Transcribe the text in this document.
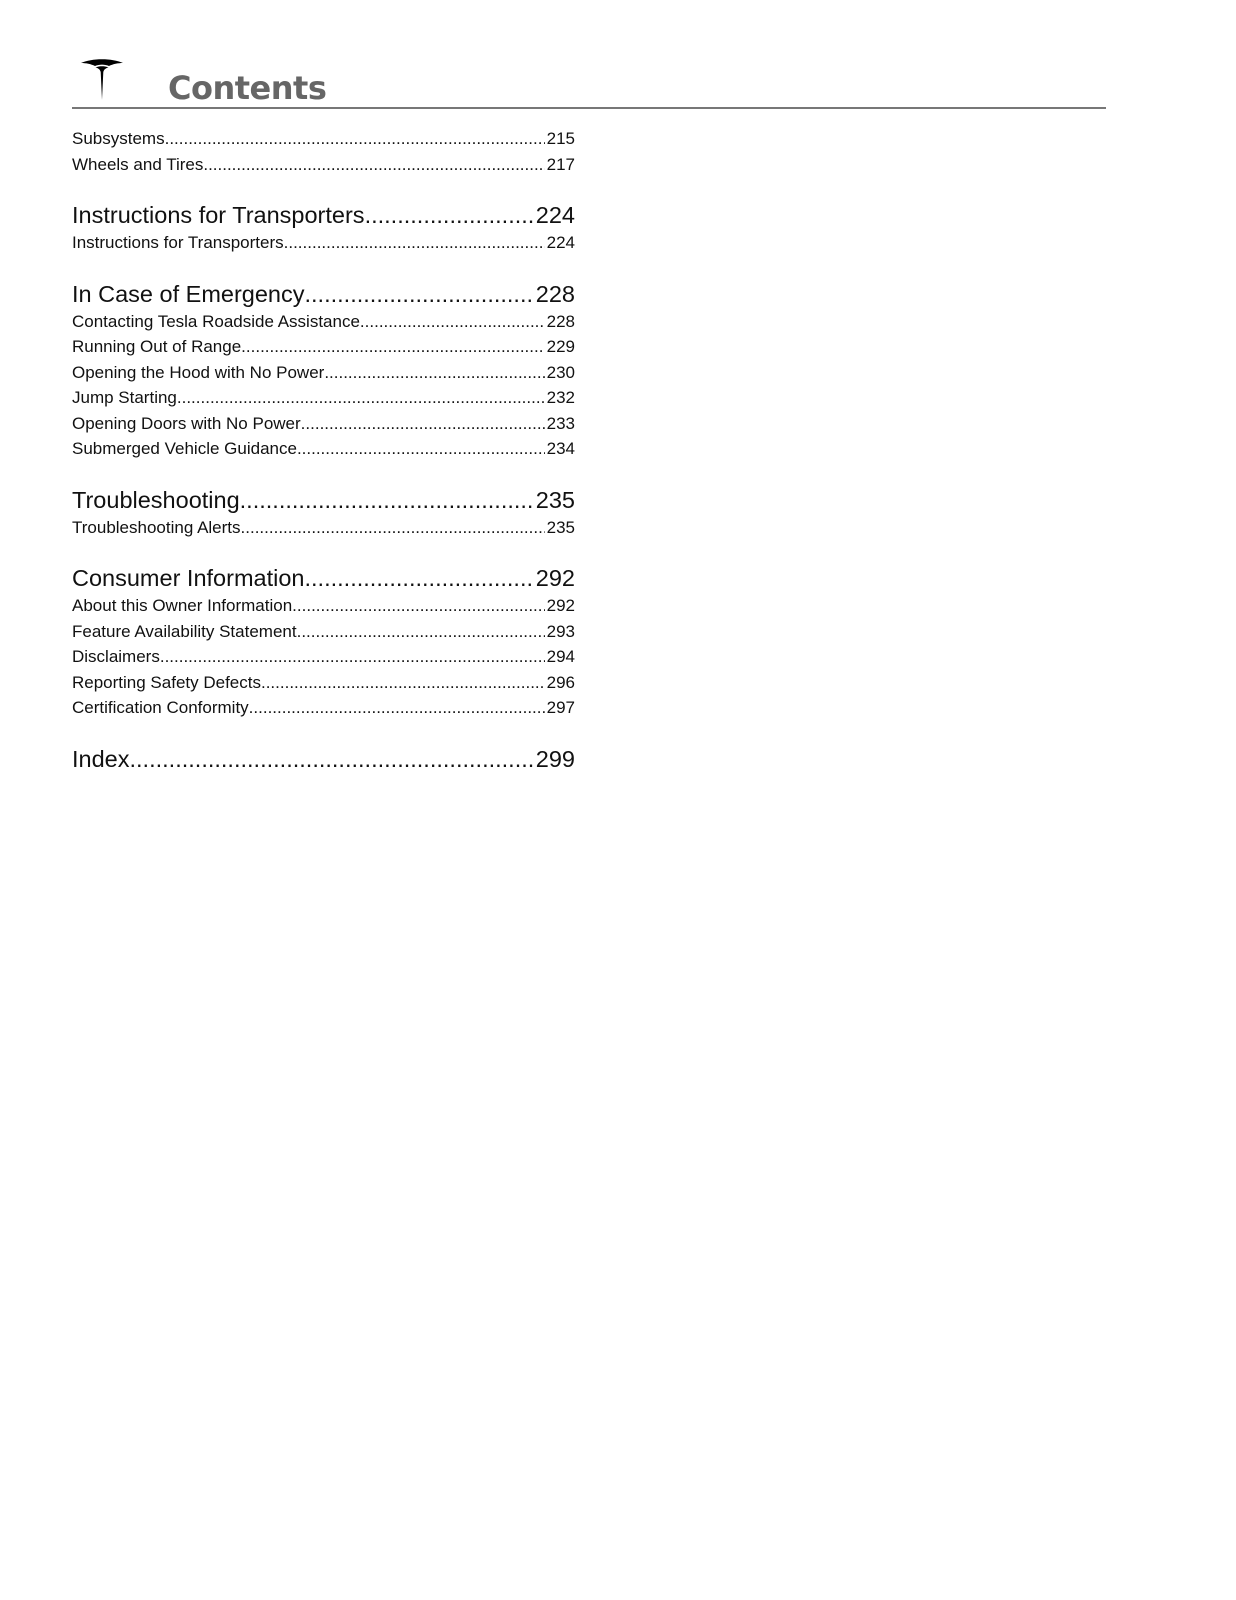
Contents
Subsystems .....	215
Wheels and Tires .....	217
Instructions for Transporters .....	224
Instructions for Transporters .....	224
In Case of Emergency .....	228
Contacting Tesla Roadside Assistance .....	228
Running Out of Range .....	229
Opening the Hood with No Power .....	230
Jump Starting .....	232
Opening Doors with No Power .....	233
Submerged Vehicle Guidance .....	234
Troubleshooting .....	235
Troubleshooting Alerts .....	235
Consumer Information .....	292
About this Owner Information .....	292
Feature Availability Statement .....	293
Disclaimers .....	294
Reporting Safety Defects .....	296
Certification Conformity .....	297
Index .....	299
